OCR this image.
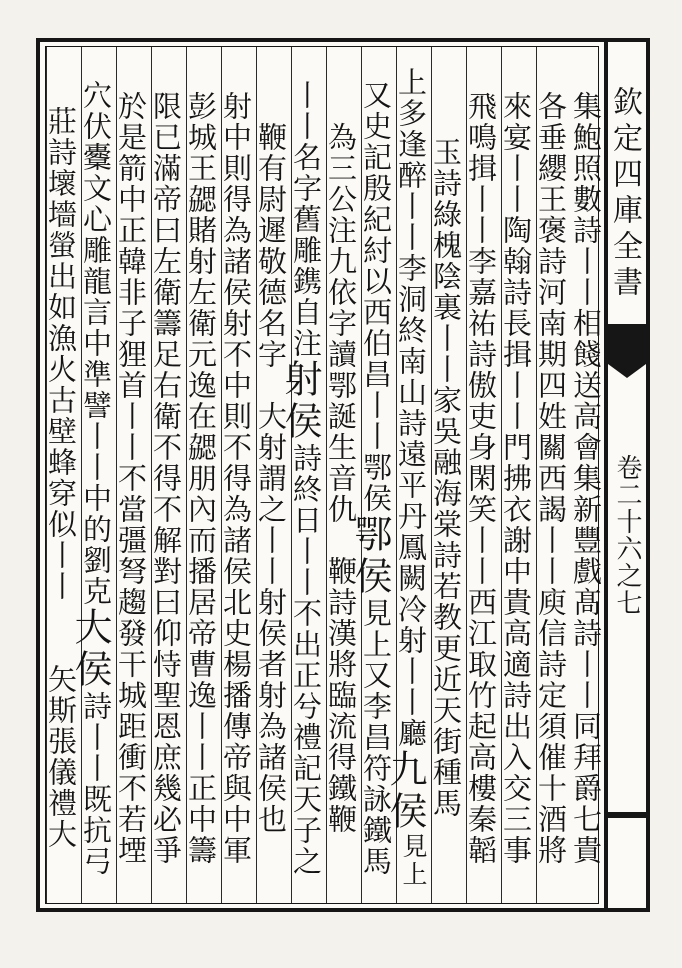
集鮑照數詩丨丨相餞送高會集新豐戲髙詩丨丨同拜爵七貴
各垂纓王褒詩河南期四姓關西謁丨丨庾信詩定須催十酒將
來宴丨丨陶翰詩長揖丨丨門拂衣謝中貴高適詩出入交三事
飛鳴揖丨丨李嘉祐詩傲吏身閑笑丨丨西江取竹起高樓秦韜
玉詩綠槐陰裏丨丨家吳融海棠詩若教更近天街種馬
上多逢醉丨丨李洞終南山詩遠平丹鳳闕冷射丨丨廳
九侯
見
上
又史記殷紀紂以西伯昌丨丨鄂侯
鄂侯
見上又李昌符詠鐵馬
為三公注九依字讀鄂誕生音仇

鞭詩漢將臨流得鐵鞭
丨丨名字舊雕鎸自注
射侯
詩終日丨丨不出正兮禮記天子之
鞭有尉遲敬德名字

大射謂之丨丨射侯者射為諸侯也
射中則得為諸侯射不中則不得為諸侯北史楊播傳帝與中軍
彭城王勰賭射左衛元逸在勰朋內而播居帝曹逸丨丨正中籌
限已滿帝曰左衛籌足右衛不得不解對曰仰恃聖恩庶幾必爭
於是箭中正韓非子狸首丨丨不當彊弩趨發干城距衝不若堙
穴伏櫜文心雕龍言中準譬丨丨中的劉克
大侯
詩丨丨既抗弓
莊詩壞墻螢出如漁火古壁蜂穿似丨丨

矢斯張儀禮大
欽定四庫全書
卷二十六之七
